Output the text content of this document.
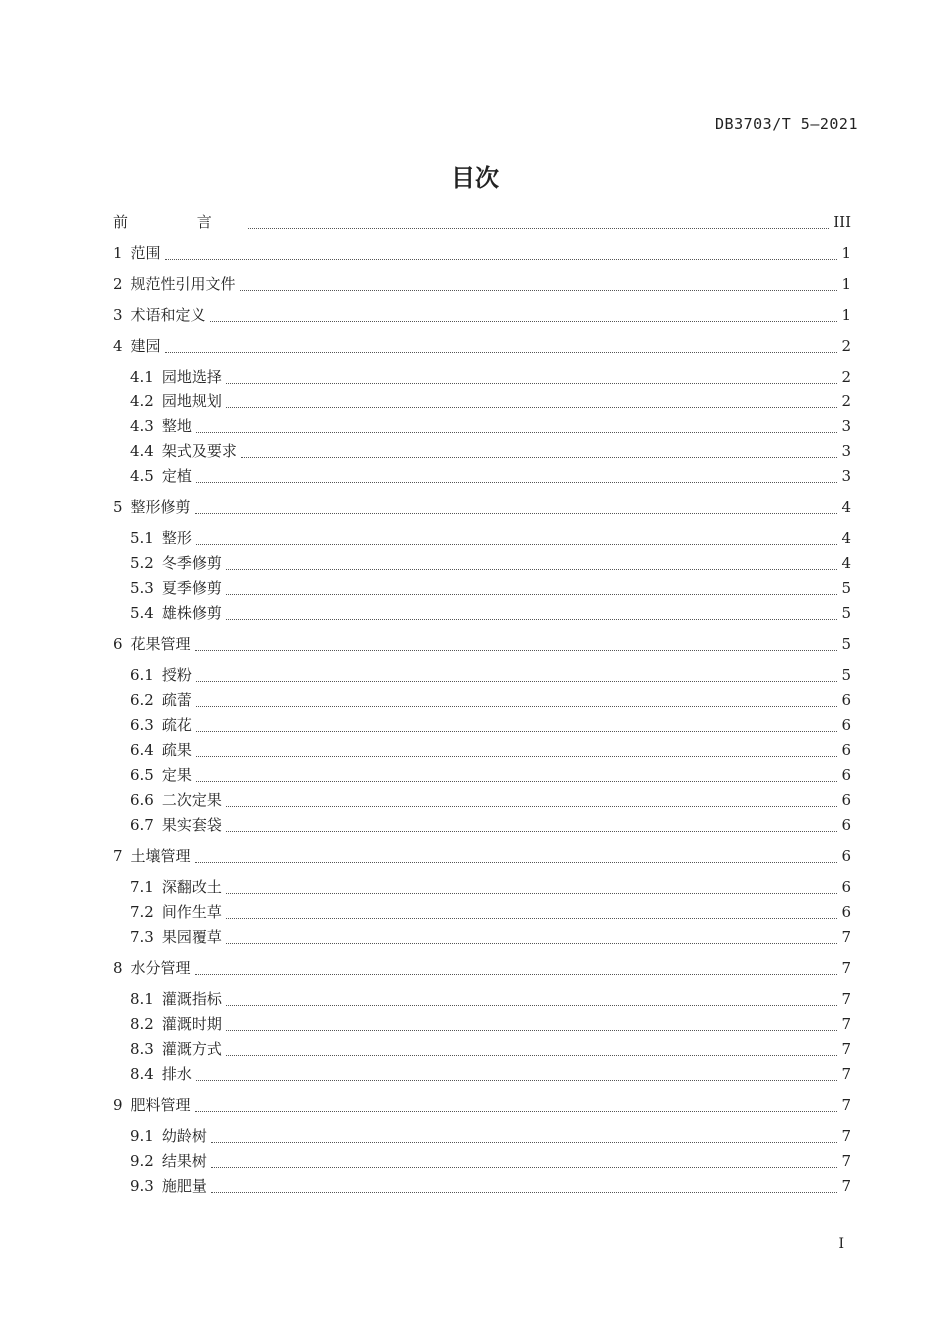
DB3703/T 5—2021
目次
前 言	III
1 范围	1
2 规范性引用文件	1
3 术语和定义	1
4 建园	2
4.1 园地选择	2
4.2 园地规划	2
4.3 整地	3
4.4 架式及要求	3
4.5 定植	3
5 整形修剪	4
5.1 整形	4
5.2 冬季修剪	4
5.3 夏季修剪	5
5.4 雄株修剪	5
6 花果管理	5
6.1 授粉	5
6.2 疏蕾	6
6.3 疏花	6
6.4 疏果	6
6.5 定果	6
6.6 二次定果	6
6.7 果实套袋	6
7 土壤管理	6
7.1 深翻改土	6
7.2 间作生草	6
7.3 果园覆草	7
8 水分管理	7
8.1 灌溉指标	7
8.2 灌溉时期	7
8.3 灌溉方式	7
8.4 排水	7
9 肥料管理	7
9.1 幼龄树	7
9.2 结果树	7
9.3 施肥量	7
I
